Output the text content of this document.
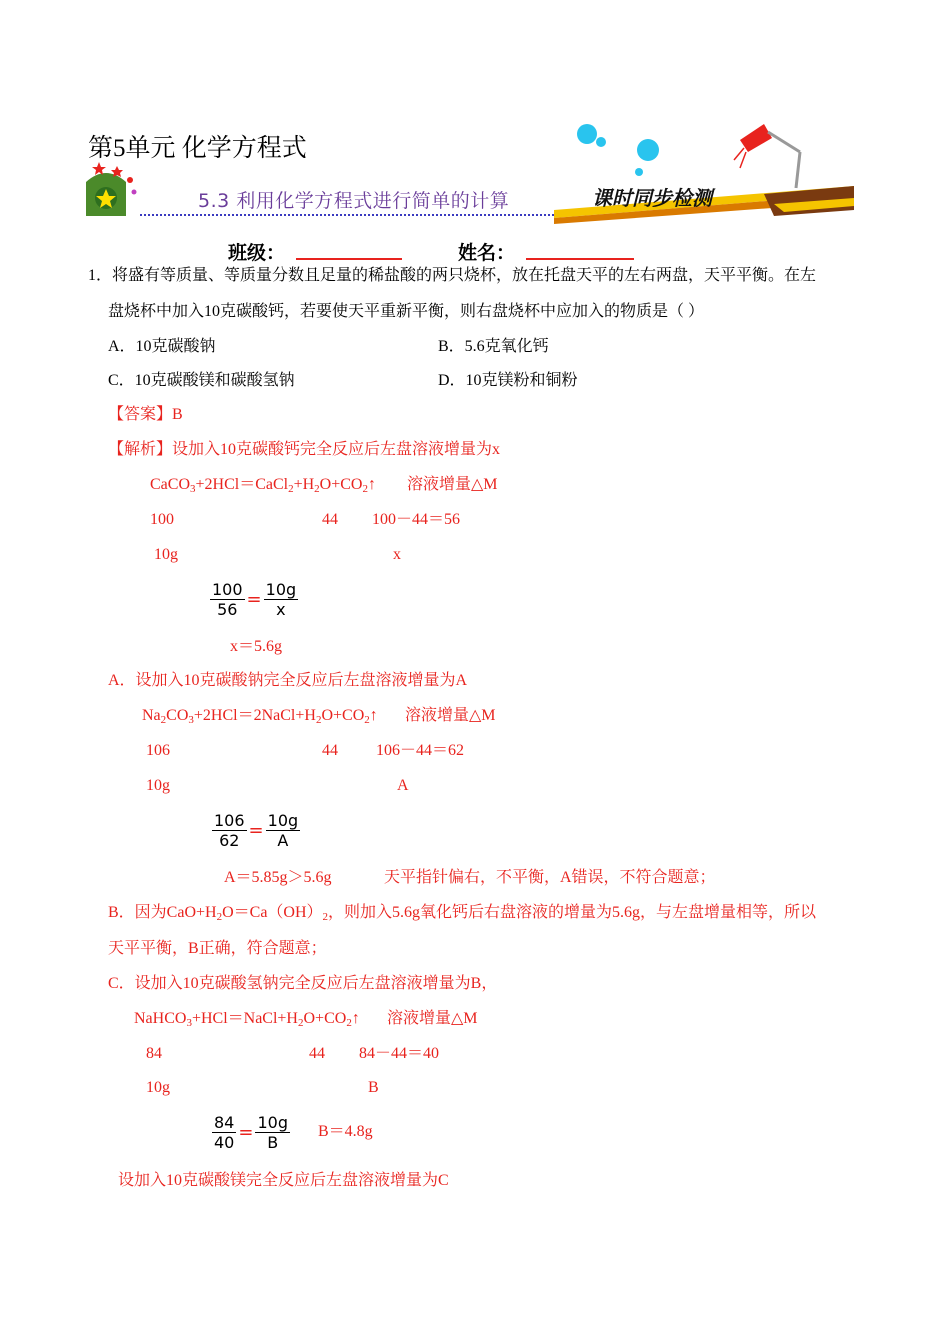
第5单元 化学方程式
5.3 利用化学方程式进行简单的计算	课时同步检测
班级：	姓名：
1．将盛有等质量、等质量分数且足量的稀盐酸的两只烧杯，放在托盘天平的左右两盘，天平平衡。在左
盘烧杯中加入10克碳酸钙，若要使天平重新平衡，则右盘烧杯中应加入的物质是（ ）
A．10克碳酸钠	B．5.6克氧化钙
C．10克碳酸镁和碳酸氢钠	D．10克镁粉和铜粉
【答案】B
【解析】设加入10克碳酸钙完全反应后左盘溶液增量为x
$CaCO_3+2HCl=CaCl_2+H_2O+CO_2↑$ 溶液增量△M
100	44 100－44＝56
10g	x
$\frac{100}{56} = \frac{10g}{x}$
x＝5.6g
A．设加入10克碳酸钠完全反应后左盘溶液增量为A
$Na_2CO_3+2HCl=2NaCl+H_2O+CO_2↑$ 溶液增量△M
106	44 106－44＝62
10g	A
$\frac{106}{62} = \frac{10g}{A}$
A＝5.85g＞5.6g	天平指针偏右，不平衡，A错误，不符合题意；
B．因为$CaO+H_2O=Ca(OH)_2$，则加入5.6g氧化钙后右盘溶液的增量为5.6g，与左盘增量相等，所以
天平平衡，B正确，符合题意；
C．设加入10克碳酸氢钠完全反应后左盘溶液增量为B，
$NaHCO_3+HCl=NaCl+H_2O+CO_2↑$ 溶液增量△M
84	44 84－44＝40
10g	B
$\frac{84}{40} = \frac{10g}{B} B=4.8g$
设加入10克碳酸镁完全反应后左盘溶液增量为C
